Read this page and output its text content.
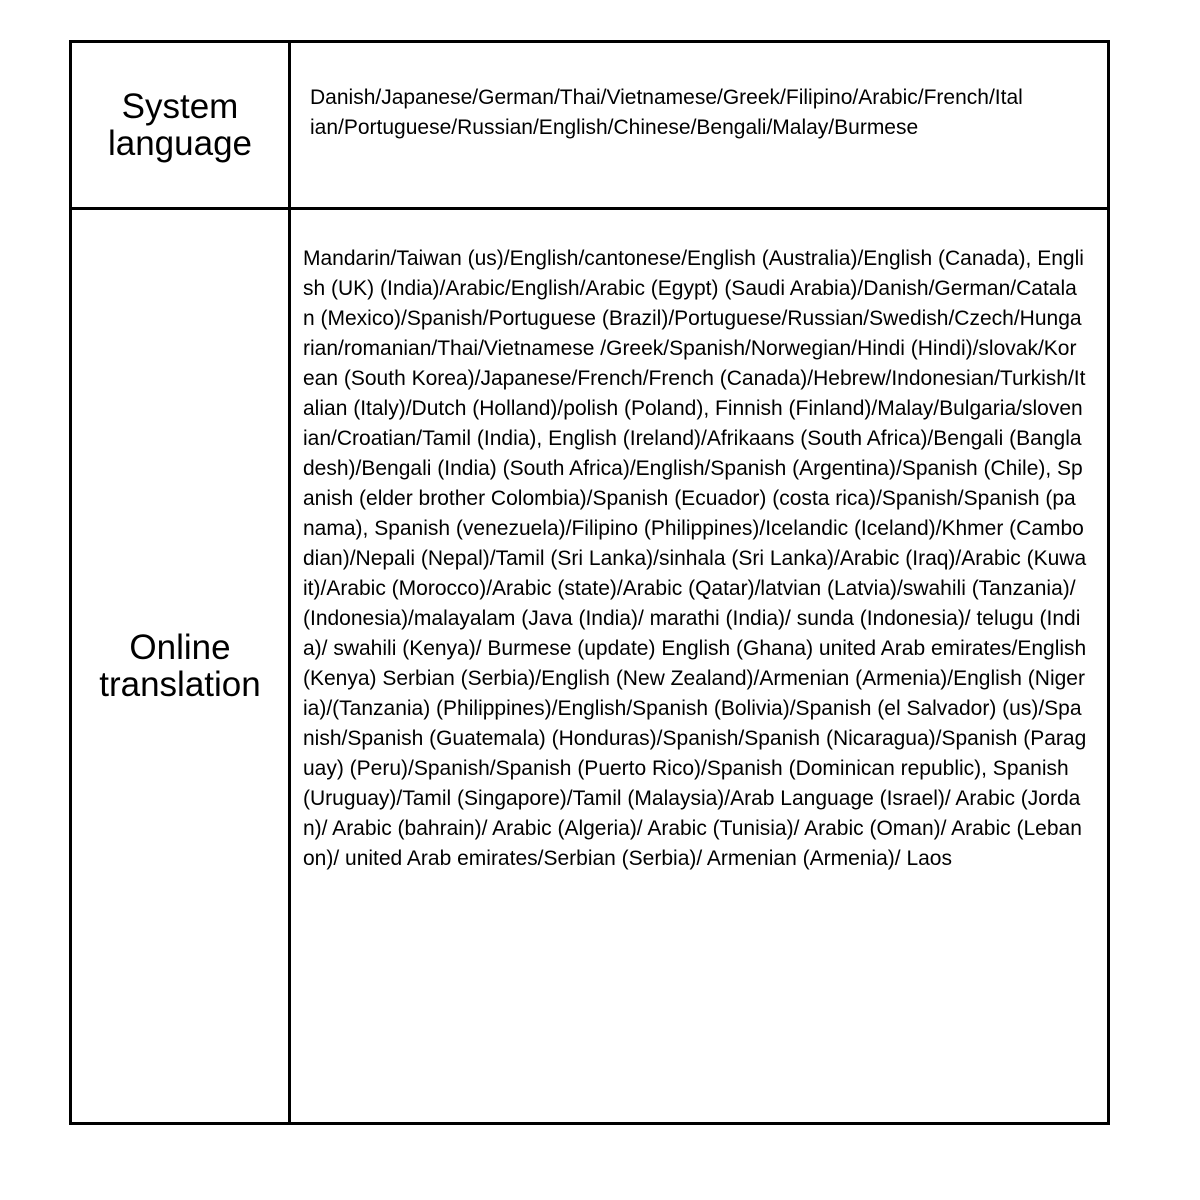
System
language
Danish/Japanese/German/Thai/Vietnamese/Greek/Filipino/Arabic/French/Italian/Portuguese/Russian/English/Chinese/Bengali/Malay/Burmese
Online
translation
Mandarin/Taiwan (us)/English/cantonese/English (Australia)/English (Canada), English (UK) (India)/Arabic/English/Arabic (Egypt) (Saudi Arabia)/Danish/German/Catalan (Mexico)/Spanish/Portuguese (Brazil)/Portuguese/Russian/Swedish/Czech/Hungarian/romanian/Thai/Vietnamese /Greek/Spanish/Norwegian/Hindi (Hindi)/slovak/Korean (South Korea)/Japanese/French/French (Canada)/Hebrew/Indonesian/Turkish/Italian (Italy)/Dutch (Holland)/polish (Poland), Finnish (Finland)/Malay/Bulgaria/slovenian/Croatian/Tamil (India), English (Ireland)/Afrikaans (South Africa)/Bengali (Bangladesh)/Bengali (India) (South Africa)/English/Spanish (Argentina)/Spanish (Chile), Spanish (elder brother Colombia)/Spanish (Ecuador) (costa rica)/Spanish/Spanish (panama), Spanish (venezuela)/Filipino (Philippines)/Icelandic (Iceland)/Khmer (Cambodian)/Nepali (Nepal)/Tamil (Sri Lanka)/sinhala (Sri Lanka)/Arabic (Iraq)/Arabic (Kuwait)/Arabic (Morocco)/Arabic (state)/Arabic (Qatar)/latvian (Latvia)/swahili (Tanzania)/(Indonesia)/malayalam (Java (India)/ marathi (India)/ sunda (Indonesia)/ telugu (India)/ swahili (Kenya)/ Burmese (update) English (Ghana) united Arab emirates/English (Kenya) Serbian (Serbia)/English (New Zealand)/Armenian (Armenia)/English (Nigeria)/(Tanzania) (Philippines)/English/Spanish (Bolivia)/Spanish (el Salvador) (us)/Spanish/Spanish (Guatemala) (Honduras)/Spanish/Spanish (Nicaragua)/Spanish (Paraguay) (Peru)/Spanish/Spanish (Puerto Rico)/Spanish (Dominican republic), Spanish (Uruguay)/Tamil (Singapore)/Tamil (Malaysia)/Arab Language (Israel)/ Arabic (Jordan)/ Arabic (bahrain)/ Arabic (Algeria)/ Arabic (Tunisia)/ Arabic (Oman)/ Arabic (Lebanon)/ united Arab emirates/Serbian (Serbia)/ Armenian (Armenia)/ Laos
